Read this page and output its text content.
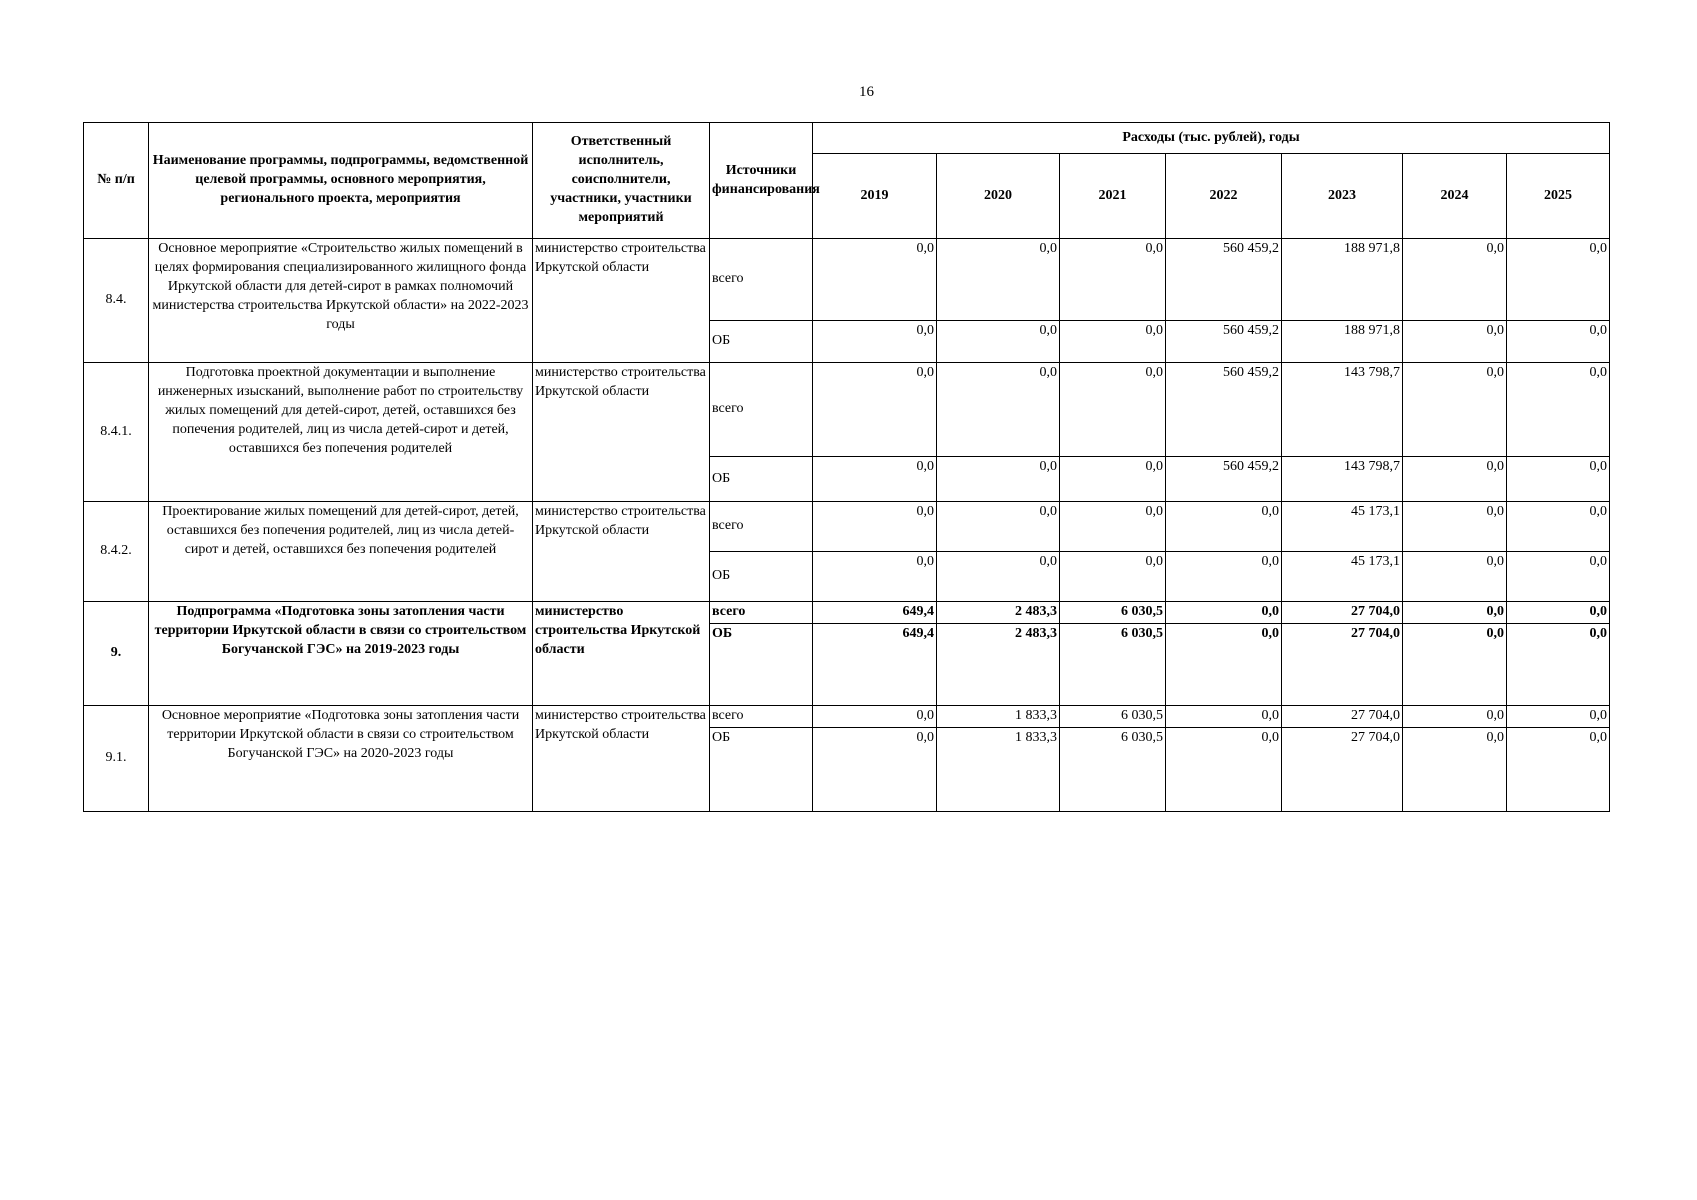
16
№ п/п	Наименование программы, подпрограммы, ведомственной целевой программы, основного мероприятия, регионального проекта, мероприятия	Ответственный исполнитель, соисполнители, участники, участники мероприятий	Источники финансирования	Расходы (тыс. рублей), годы						
				2019	2020	2021	2022	2023	2024	2025
8.4.	Основное мероприятие «Строительство жилых помещений в целях формирования специализированного жилищного фонда Иркутской области для детей-сирот в рамках полномочий министерства строительства Иркутской области» на 2022-2023 годы	министерство строительства Иркутской области	всего	0,0	0,0	0,0	560 459,2	188 971,8	0,0	0,0
			ОБ	0,0	0,0	0,0	560 459,2	188 971,8	0,0	0,0
8.4.1.	Подготовка проектной документации и выполнение инженерных изысканий, выполнение работ по строительству жилых помещений для детей-сирот, детей, оставшихся без попечения родителей, лиц из числа детей-сирот и детей, оставшихся без попечения родителей	министерство строительства Иркутской области	всего	0,0	0,0	0,0	560 459,2	143 798,7	0,0	0,0
			ОБ	0,0	0,0	0,0	560 459,2	143 798,7	0,0	0,0
8.4.2.	Проектирование жилых помещений для детей-сирот, детей, оставшихся без попечения родителей, лиц из числа детей-сирот и детей, оставшихся без попечения родителей	министерство строительства Иркутской области	всего	0,0	0,0	0,0	0,0	45 173,1	0,0	0,0
			ОБ	0,0	0,0	0,0	0,0	45 173,1	0,0	0,0
9.	Подпрограмма «Подготовка зоны затопления части территории Иркутской области в связи со строительством Богучанской ГЭС» на 2019-2023 годы	министерство строительства Иркутской области	всего	649,4	2 483,3	6 030,5	0,0	27 704,0	0,0	0,0
			ОБ	649,4	2 483,3	6 030,5	0,0	27 704,0	0,0	0,0
9.1.	Основное мероприятие «Подготовка зоны затопления части территории Иркутской области в связи со строительством Богучанской ГЭС» на 2020-2023 годы	министерство строительства Иркутской области	всего	0,0	1 833,3	6 030,5	0,0	27 704,0	0,0	0,0
			ОБ	0,0	1 833,3	6 030,5	0,0	27 704,0	0,0	0,0
